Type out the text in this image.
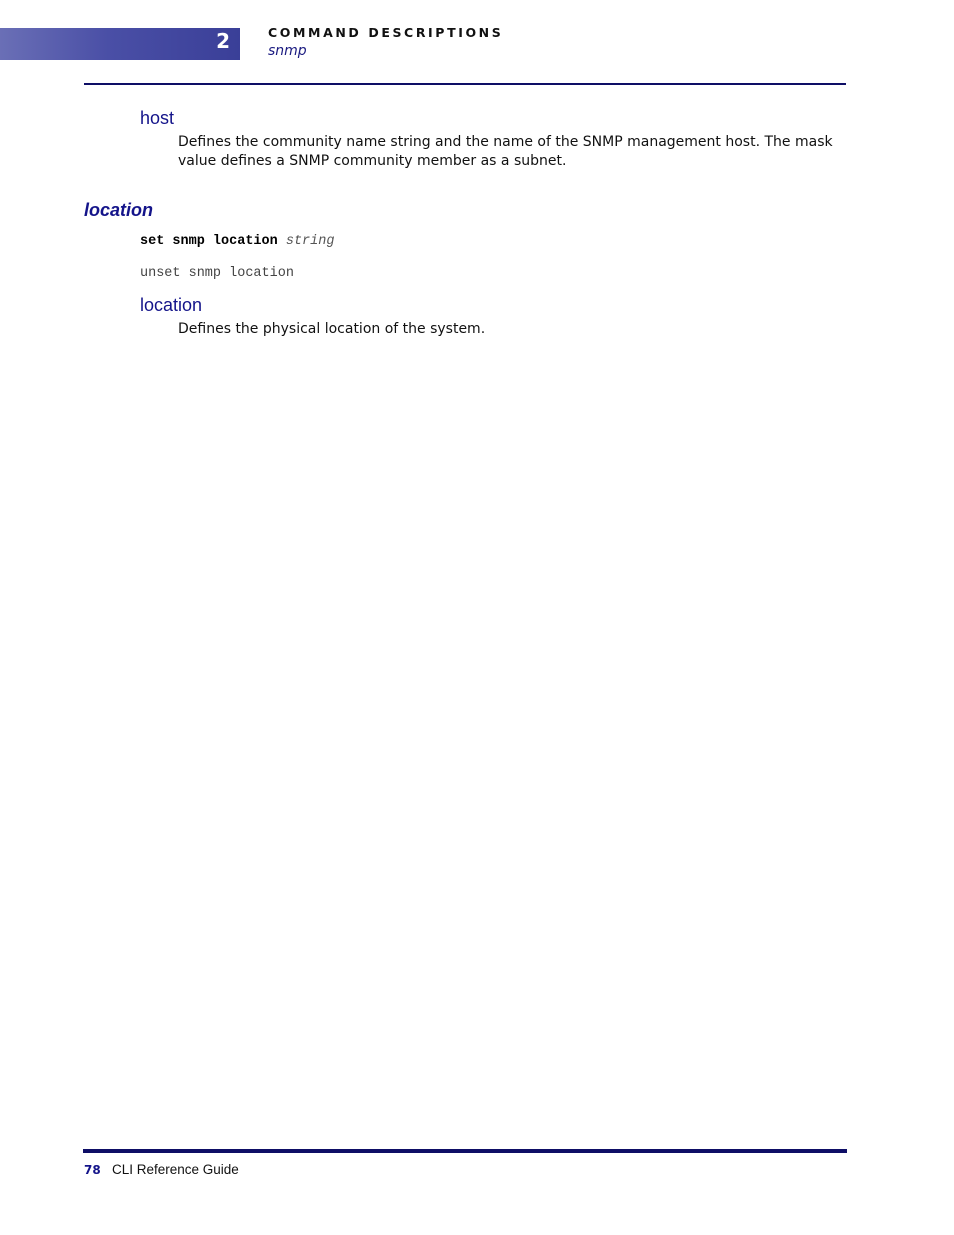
2	COMMAND DESCRIPTIONS
snmp
host
Defines the community name string and the name of the SNMP management host. The mask value defines a SNMP community member as a subnet.
location
set snmp location string
unset snmp location
location
Defines the physical location of the system.
78 CLI Reference Guide
